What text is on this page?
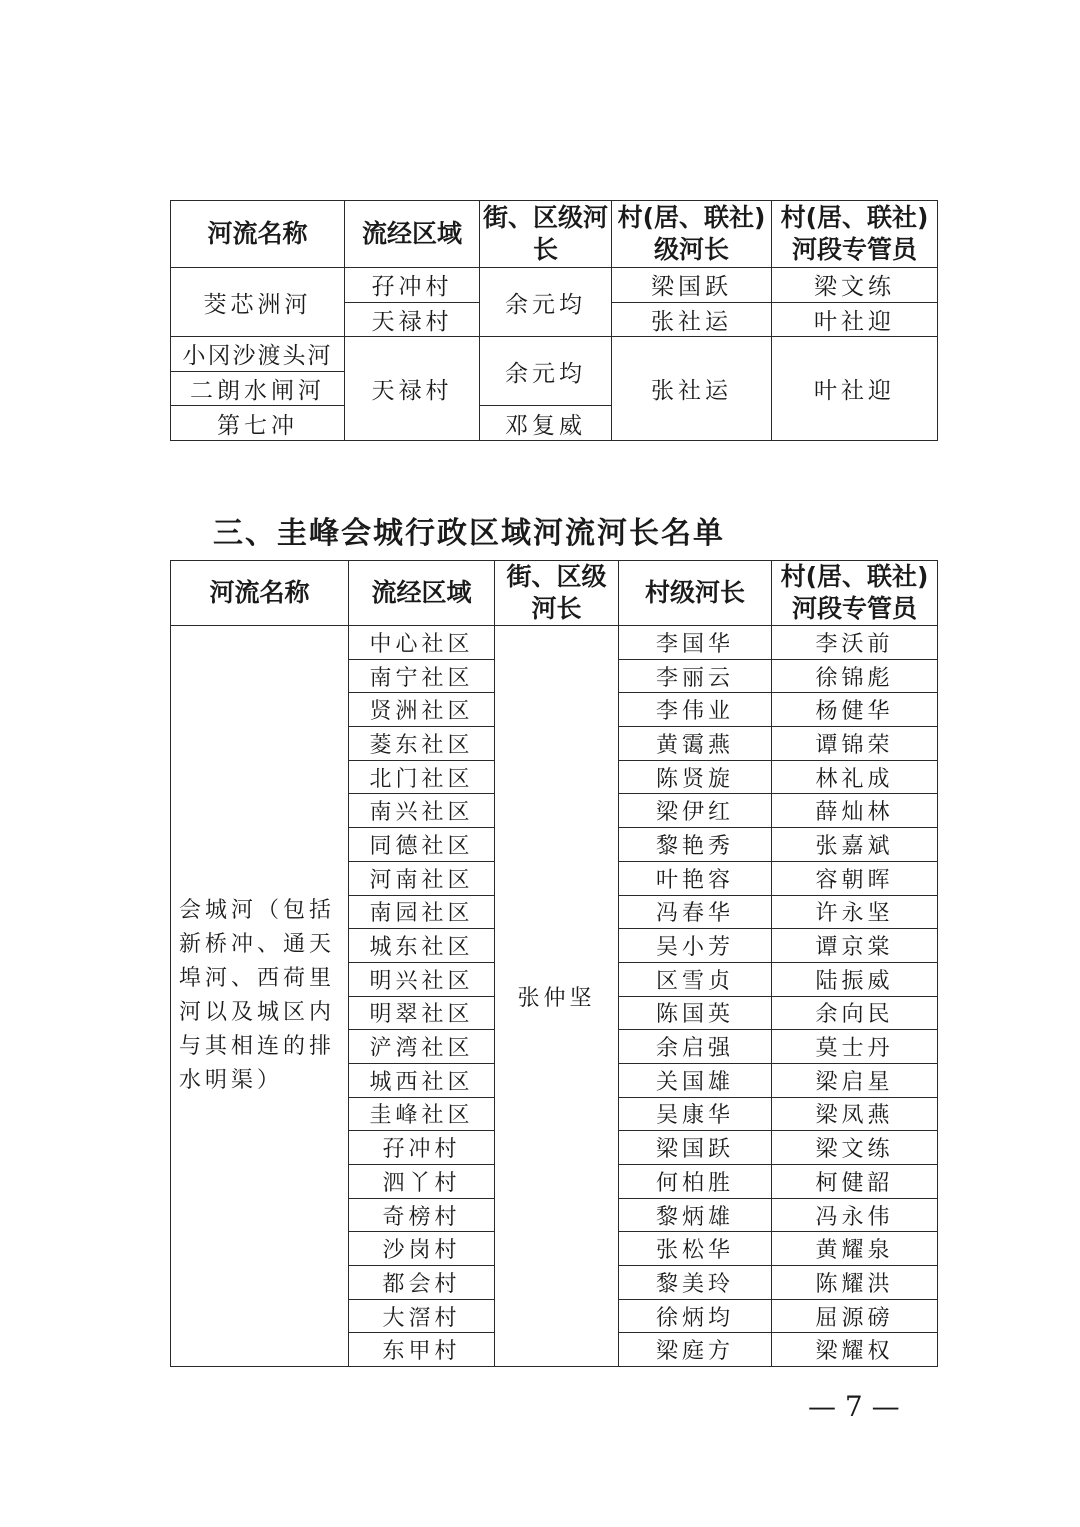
河流名称	流经区域	街、区级河长	村(居、联社)级河长	村(居、联社)河段专管员
茭芯洲河	孖冲村	余元均	梁国跃	梁文练
	天禄村		张社运	叶社迎
小冈沙渡头河	天禄村	余元均	张社运	叶社迎
二朗水闸河				
第七冲		邓复威		
三、圭峰会城行政区域河流河长名单
河流名称	流经区域	街、区级河长	村级河长	村(居、联社)河段专管员
会城河（包括新桥冲、通天埠河、西荷里河以及城区内与其相连的排水明渠）	中心社区	张仲坚	李国华	李沃前
	南宁社区		李丽云	徐锦彪
	贤洲社区		李伟业	杨健华
	菱东社区		黄霭燕	谭锦荣
	北门社区		陈贤旋	林礼成
	南兴社区		梁伊红	薛灿林
	同德社区		黎艳秀	张嘉斌
	河南社区		叶艳容	容朝晖
	南园社区		冯春华	许永坚
	城东社区		吴小芳	谭京棠
	明兴社区		区雪贞	陆振威
	明翠社区		陈国英	余向民
	浐湾社区		余启强	莫士丹
	城西社区		关国雄	梁启星
	圭峰社区		吴康华	梁凤燕
	孖冲村		梁国跃	梁文练
	泗丫村		何柏胜	柯健韶
	奇榜村		黎炳雄	冯永伟
	沙岗村		张松华	黄耀泉
	都会村		黎美玲	陈耀洪
	大滘村		徐炳均	屈源磅
	东甲村		梁庭方	梁耀权
— 7 —
